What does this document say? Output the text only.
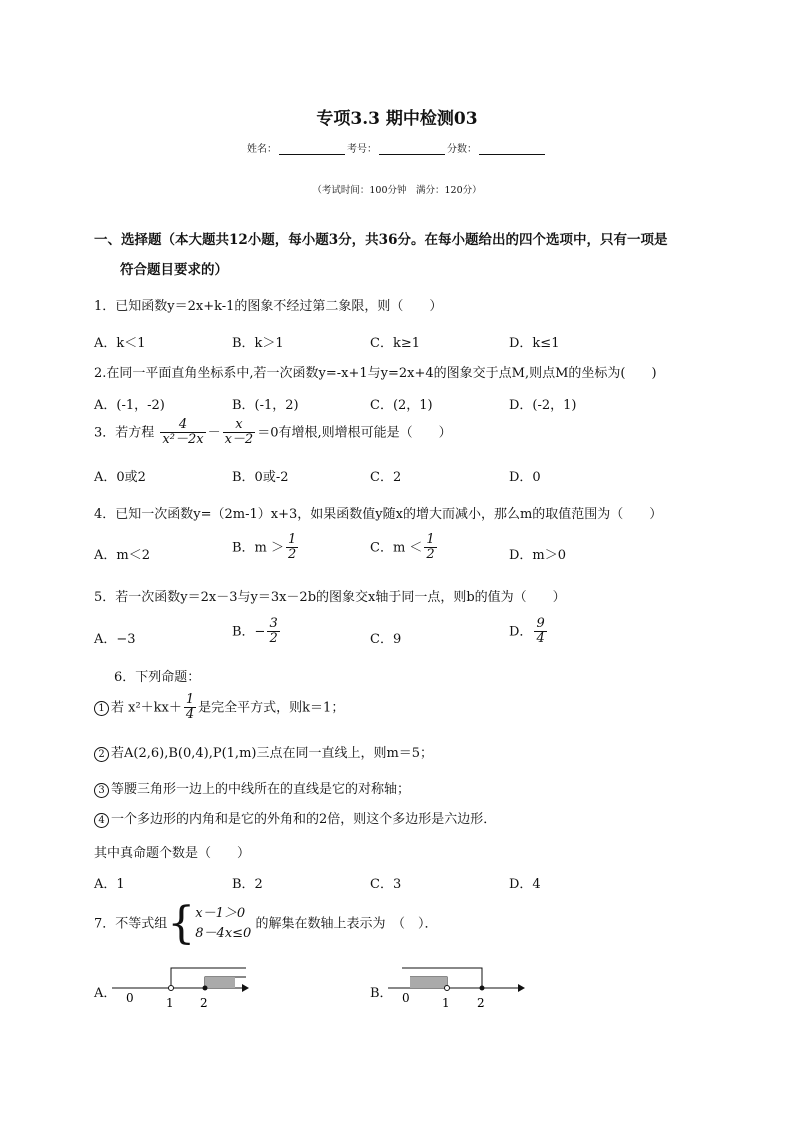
专项3.3 期中检测03
姓名：	考号：	分数：
（考试时间：100分钟　满分：120分）
一、选择题（本大题共12小题，每小题3分，共36分。在每小题给出的四个选项中，只有一项是
符合题目要求的）
1．已知函数y＝2x+k-1的图象不经过第二象限，则（　　）
A．k＜1	B．k＞1	C．k≥1	D．k≤1
2.在同一平面直角坐标系中,若一次函数y=-x+1与y=2x+4的图象交于点M,则点M的坐标为(　　)
A．(-1，-2)	B．(-1，2)	C．(2，1)	D．(-2，1)
3．若方程 $\frac{4}{\text{x²－2x}} - \frac{x}{x-2} =0$有增根,则增根可能是（　　）
A．0或2	B．0或-2	C．2	D．0
4．已知一次函数y=（2m-1）x+3，如果函数值y随x的增大而减小，那么m的取值范围为（　　）
A．m＜2
B．$m > \frac{1}{2}$	C．$m < \frac{1}{2}$	D．m＞0
5．若一次函数y＝2x－3与y＝3x－2b的图象交x轴于同一点，则b的值为（　　）
A．−3
B．− $\frac{3}{2}$	C．9
D． $\frac{9}{4}$
6．下列命题：
1 若 $x^2+kx+ \frac{1}{4}$ 是完全平方式，则k＝1；
2 若A(2,6),B(0,4),P(1,m)三点在同一直线上，则m＝5；
3 等腰三角形一边上的中线所在的直线是它的对称轴；
4 一个多边形的内角和是它的外角和的2倍，则这个多边形是六边形．
其中真命题个数是（　　）
A．1	B．2	C．3	D．4
7．不等式组{x－1＞0
8－4x≤0 的解集在数轴上表示为　（　）．
A． 0	1 2
B． 0	1 2
